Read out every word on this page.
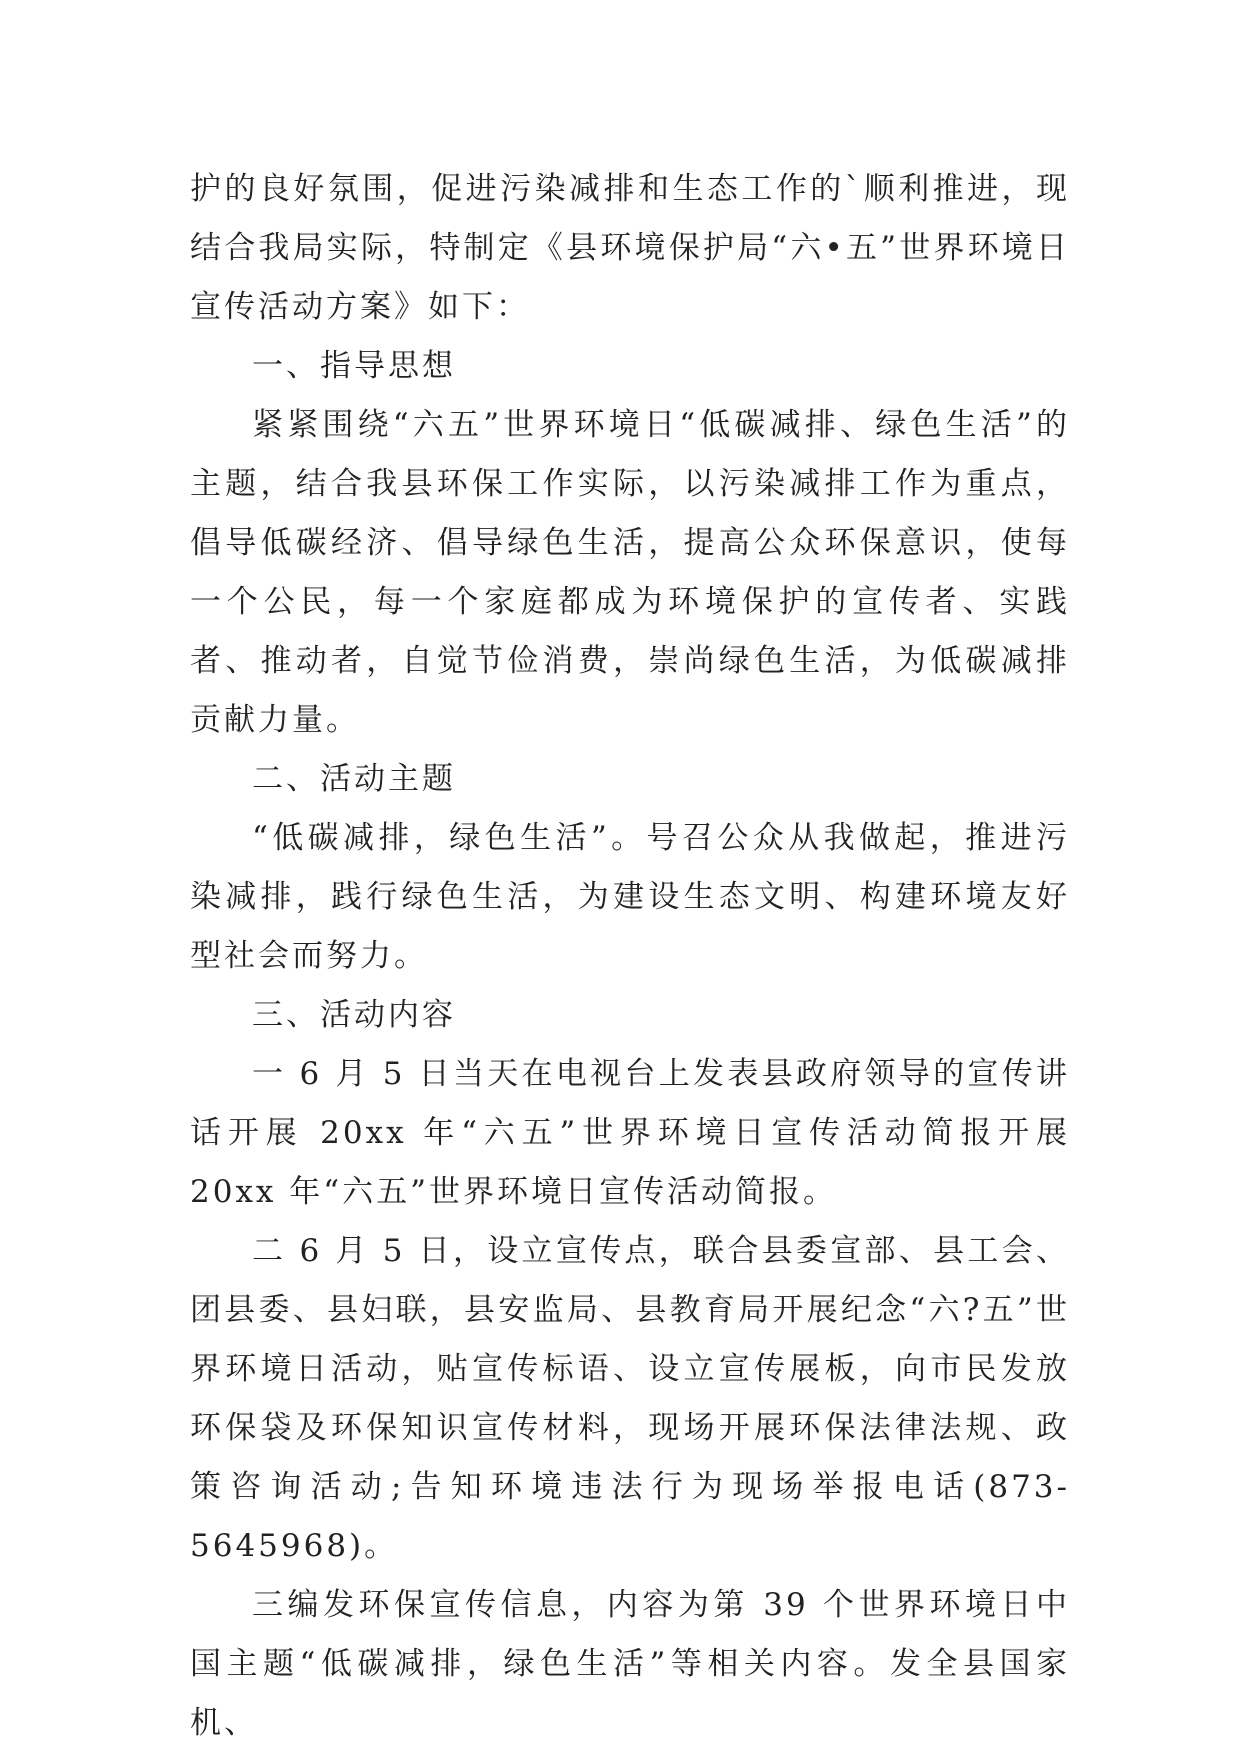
护的良好氛围，促进污染减排和生态工作的`顺利推进，现结合我局实际，特制定《县环境保护局“六•五”世界环境日宣传活动方案》如下：

一、指导思想

紧紧围绕“六五”世界环境日“低碳减排、绿色生活”的主题，结合我县环保工作实际，以污染减排工作为重点，倡导低碳经济、倡导绿色生活，提高公众环保意识，使每一个公民，每一个家庭都成为环境保护的宣传者、实践者、推动者，自觉节俭消费，崇尚绿色生活，为低碳减排贡献力量。

二、活动主题

“低碳减排，绿色生活”。号召公众从我做起，推进污染减排，践行绿色生活，为建设生态文明、构建环境友好型社会而努力。

三、活动内容

一 6 月 5 日当天在电视台上发表县政府领导的宣传讲话开展 20xx 年“六五”世界环境日宣传活动简报开展 20xx 年“六五”世界环境日宣传活动简报。

二 6 月 5 日，设立宣传点，联合县委宣部、县工会、团县委、县妇联，县安监局、县教育局开展纪念“六?五”世界环境日活动，贴宣传标语、设立宣传展板，向市民发放环保袋及环保知识宣传材料，现场开展环保法律法规、政策咨询活动;告知环境违法行为现场举报电话(873-5645968)。

三编发环保宣传信息，内容为第 39 个世界环境日中国主题“低碳减排，绿色生活”等相关内容。发全县国家机、
